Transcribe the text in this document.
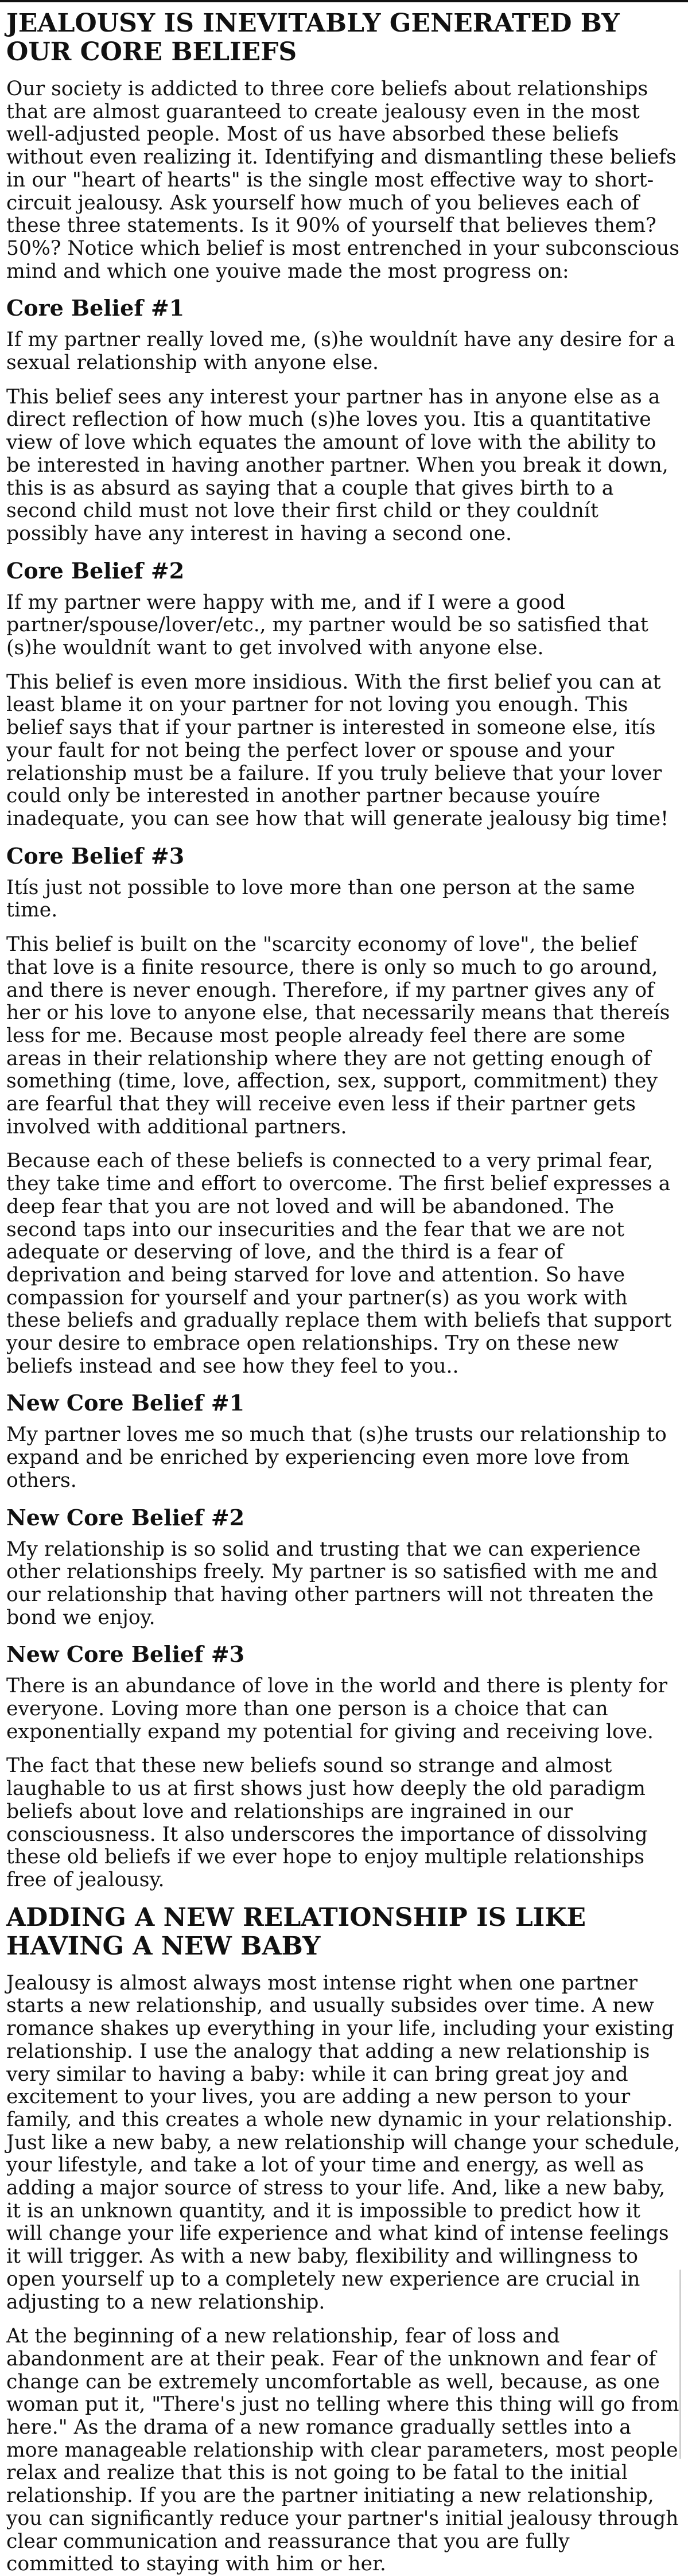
JEALOUSY IS INEVITABLY GENERATED BY OUR CORE BELIEFS

Our society is addicted to three core beliefs about relationships that are almost guaranteed to create jealousy even in the most well-adjusted people. Most of us have absorbed these beliefs without even realizing it. Identifying and dismantling these beliefs in our "heart of hearts" is the single most effective way to short-circuit jealousy. Ask yourself how much of you believes each of these three statements. Is it 90% of yourself that believes them? 50%? Notice which belief is most entrenched in your subconscious mind and which one youive made the most progress on:

Core Belief #1

If my partner really loved me, (s)he wouldnít have any desire for a sexual relationship with anyone else.

This belief sees any interest your partner has in anyone else as a direct reflection of how much (s)he loves you. Itis a quantitative view of love which equates the amount of love with the ability to be interested in having another partner. When you break it down, this is as absurd as saying that a couple that gives birth to a second child must not love their first child or they couldnít possibly have any interest in having a second one.

Core Belief #2

If my partner were happy with me, and if I were a good partner/spouse/lover/etc., my partner would be so satisfied that (s)he wouldnít want to get involved with anyone else.

This belief is even more insidious. With the first belief you can at least blame it on your partner for not loving you enough. This belief says that if your partner is interested in someone else, itís your fault for not being the perfect lover or spouse and your relationship must be a failure. If you truly believe that your lover could only be interested in another partner because youíre inadequate, you can see how that will generate jealousy big time!

Core Belief #3

Itís just not possible to love more than one person at the same time.

This belief is built on the "scarcity economy of love", the belief that love is a finite resource, there is only so much to go around, and there is never enough. Therefore, if my partner gives any of her or his love to anyone else, that necessarily means that thereís less for me. Because most people already feel there are some areas in their relationship where they are not getting enough of something (time, love, affection, sex, support, commitment) they are fearful that they will receive even less if their partner gets involved with additional partners.

Because each of these beliefs is connected to a very primal fear, they take time and effort to overcome. The first belief expresses a deep fear that you are not loved and will be abandoned. The second taps into our insecurities and the fear that we are not adequate or deserving of love, and the third is a fear of deprivation and being starved for love and attention. So have compassion for yourself and your partner(s) as you work with these beliefs and gradually replace them with beliefs that support your desire to embrace open relationships. Try on these new beliefs instead and see how they feel to you..

New Core Belief #1

My partner loves me so much that (s)he trusts our relationship to expand and be enriched by experiencing even more love from others.

New Core Belief #2

My relationship is so solid and trusting that we can experience other relationships freely. My partner is so satisfied with me and our relationship that having other partners will not threaten the bond we enjoy.

New Core Belief #3

There is an abundance of love in the world and there is plenty for everyone. Loving more than one person is a choice that can exponentially expand my potential for giving and receiving love.

The fact that these new beliefs sound so strange and almost laughable to us at first shows just how deeply the old paradigm beliefs about love and relationships are ingrained in our consciousness. It also underscores the importance of dissolving these old beliefs if we ever hope to enjoy multiple relationships free of jealousy.

ADDING A NEW RELATIONSHIP IS LIKE HAVING A NEW BABY

Jealousy is almost always most intense right when one partner starts a new relationship, and usually subsides over time. A new romance shakes up everything in your life, including your existing relationship. I use the analogy that adding a new relationship is very similar to having a baby: while it can bring great joy and excitement to your lives, you are adding a new person to your family, and this creates a whole new dynamic in your relationship. Just like a new baby, a new relationship will change your schedule, your lifestyle, and take a lot of your time and energy, as well as adding a major source of stress to your life. And, like a new baby, it is an unknown quantity, and it is impossible to predict how it will change your life experience and what kind of intense feelings it will trigger. As with a new baby, flexibility and willingness to open yourself up to a completely new experience are crucial in adjusting to a new relationship.

At the beginning of a new relationship, fear of loss and abandonment are at their peak. Fear of the unknown and fear of change can be extremely uncomfortable as well, because, as one woman put it, "There's just no telling where this thing will go from here." As the drama of a new romance gradually settles into a more manageable relationship with clear parameters, most people relax and realize that this is not going to be fatal to the initial relationship. If you are the partner initiating a new relationship, you can significantly reduce your partner's initial jealousy through clear communication and reassurance that you are fully committed to staying with him or her.
